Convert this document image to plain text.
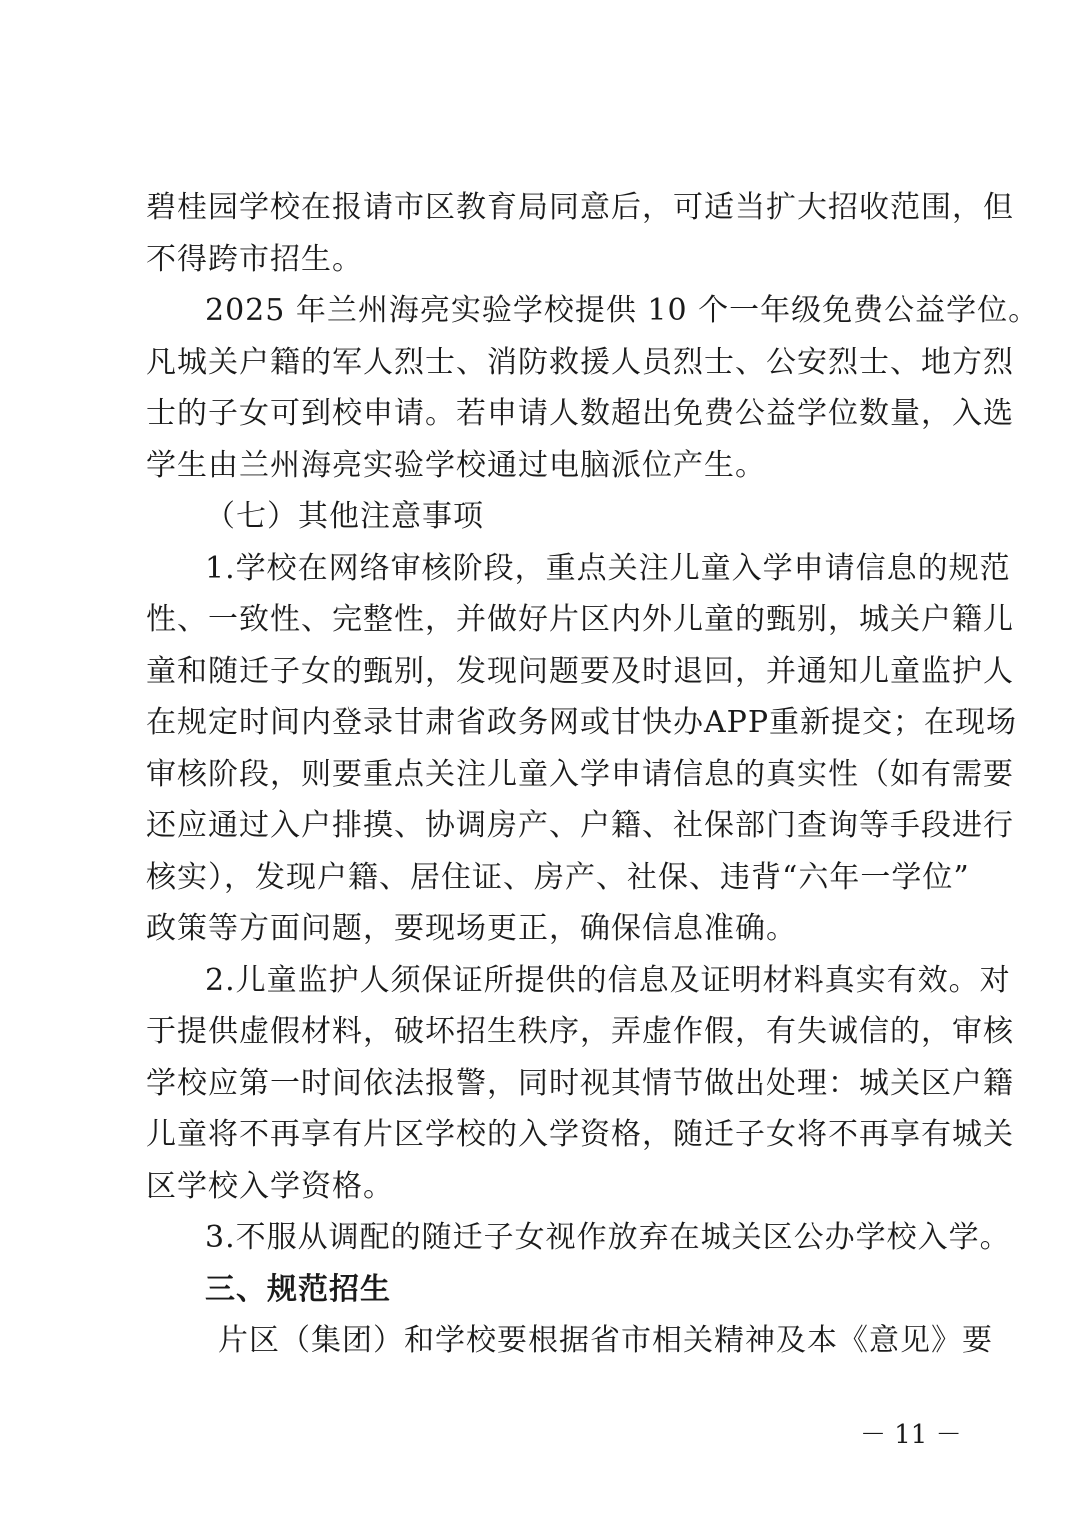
碧桂园学校在报请市区教育局同意后，可适当扩大招收范围，但
不得跨市招生。
2025 年兰州海亮实验学校提供 10 个一年级免费公益学位。
凡城关户籍的军人烈士、消防救援人员烈士、公安烈士、地方烈
士的子女可到校申请。若申请人数超出免费公益学位数量，入选
学生由兰州海亮实验学校通过电脑派位产生。
（七）其他注意事项
1.学校在网络审核阶段，重点关注儿童入学申请信息的规范
性、一致性、完整性，并做好片区内外儿童的甄别，城关户籍儿
童和随迁子女的甄别，发现问题要及时退回，并通知儿童监护人
在规定时间内登录甘肃省政务网或甘快办APP重新提交；在现场
审核阶段，则要重点关注儿童入学申请信息的真实性（如有需要
还应通过入户排摸、协调房产、户籍、社保部门查询等手段进行
核实），发现户籍、居住证、房产、社保、违背“六年一学位”
政策等方面问题，要现场更正，确保信息准确。
2.儿童监护人须保证所提供的信息及证明材料真实有效。对
于提供虚假材料，破坏招生秩序，弄虚作假，有失诚信的，审核
学校应第一时间依法报警，同时视其情节做出处理：城关区户籍
儿童将不再享有片区学校的入学资格，随迁子女将不再享有城关
区学校入学资格。
3.不服从调配的随迁子女视作放弃在城关区公办学校入学。
三、规范招生
片区（集团）和学校要根据省市相关精神及本《意见》要
－ 11 －
